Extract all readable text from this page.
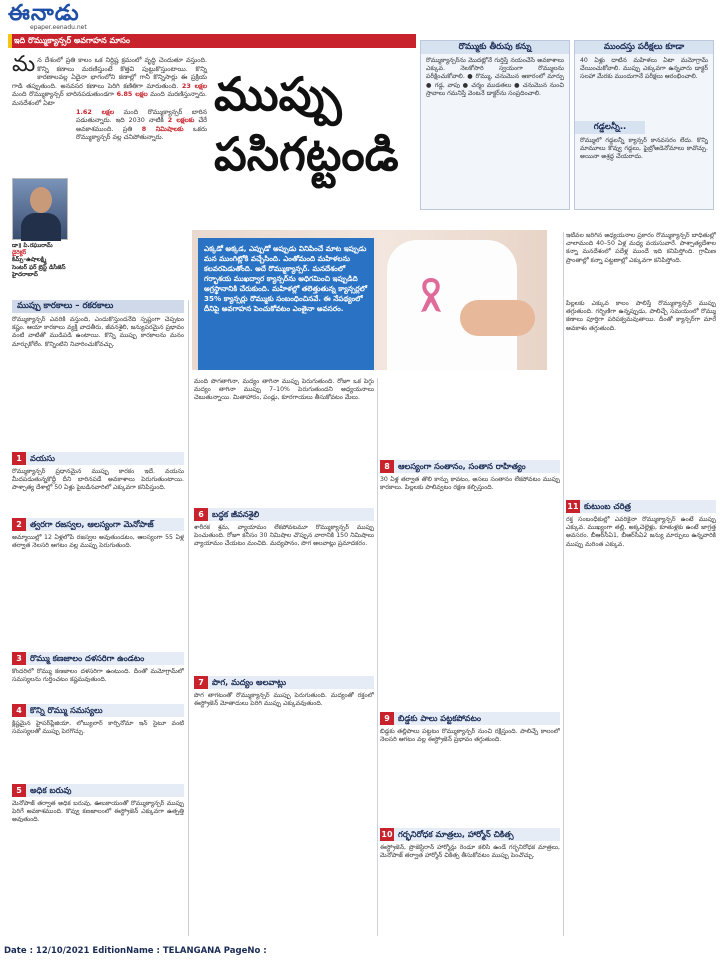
ఈనాడు
epaper.eenadu.net
ఇది రొమ్ముక్యాన్సర్‌ అవగాహన మాసం
మ న దేశంలో ప్రతి కాలం ఒక నిర్దిష్ట క్రమంలో వృద్ధి చెందుతూ వస్తుంది. కొన్ని కణాలు మరణిస్తుంటే కొత్తవి పుట్టుకొస్తుంటాయి. కొన్ని కారణాలవల్ల ఏదైనా భాగంలోని కణాల్లో గానీ కొన్నిసార్లు ఈ ప్రక్రియ గాడి తప్పుతుంది. అనవసర కణాలు పెరిగి కణితిగా మారుతుంది. 23 లక్షల మంది రొమ్ముక్యాన్సర్‌ బారినపడుతుండగా 6.85 లక్షల మంది మరణిస్తున్నారు. మనదేశంలో ఏటా
1.62 లక్షల మంది రొమ్ముక్యాన్సర్‌ బారిన పడుతున్నారు. ఇది 2030 నాటికి 2 లక్షలకు చేరే అవకాశముంది. ప్రతి 8 నిమిషాలకు ఒకరు రొమ్ముక్యాన్సర్‌ వల్ల చనిపోతున్నారు.
డా॥ పి.రఘురామ్‌
డైరెక్టర్‌
కిమ్స్‌–ఉషాలక్ష్మి
సెంటర్‌ ఫర్‌ బ్రెస్ట్‌ డిసీజెస్‌
హైదరాబాద్‌
ముప్పు పసిగట్టండి
రొమ్ముకు తీరుపు కన్ను
రొమ్ముక్యాన్సర్‌ను మొదట్లోనే గుర్తిస్తే నయంచేసే అవకాశాలు ఎక్కువ. నెలకోసారి స్వయంగా రొమ్ములను పరీక్షించుకోవాలి. ● రొమ్ము, చనుమొన ఆకారంలో మార్పు ● గడ్డ, వాపు ● చర్మం ముడతలు ● చనుమొన నుంచి స్రావాలు గమనిస్తే వెంటనే డాక్టర్‌ను సంప్రదించాలి.
ముందస్తు పరీక్షలు కూడా
40 ఏళ్లు దాటిన మహిళలు ఏటా మమోగ్రామ్‌ చేయించుకోవాలి. ముప్పు ఎక్కువగా ఉన్నవారు డాక్టర్‌ సలహా మేరకు ముందుగానే పరీక్షలు ఆరంభించాలి.
గడ్డలన్నీ..
రొమ్ములో గడ్డలన్నీ క్యాన్సర్‌ కానవసరం లేదు. కొన్ని మామూలు కొవ్వు గడ్డలు, ఫైబ్రోఅడెనోమాలు కావొచ్చు. అయినా అశ్రద్ధ చేయరాదు.
ఎక్కడో అక్కడ, ఎప్పుడో అప్పుడు వినిపించే మాట ఇప్పుడు మన ముంగిట్లోకి వచ్చేసింది. ఎంతోమంది మహిళలను కలవరపెడుతోంది. అదే రొమ్ముక్యాన్సర్‌. మనదేశంలో గర్భాశయ ముఖద్వార క్యాన్సర్‌ను అధిగమించి ఇప్పుడిది అగ్రస్థానానికి చేరుకుంది. మహిళల్లో తలెత్తుతున్న క్యాన్సర్లలో 35% క్యాన్సర్లు రొమ్ముకు సంబంధించినవే. ఈ నేపథ్యంలో దీనిపై అవగాహన పెంచుకోవటం ఎంతైనా అవసరం.
ముప్పు కారకాలు – రకరకాలు
రొమ్ముక్యాన్సర్‌ ఎవరికి వస్తుంది, ఎందుకొస్తుందనేది స్పష్టంగా చెప్పటం కష్టం. ఆయా కారకాలు వ్యక్తి వాదతీరు, జీవనశైలి, జన్యుపరమైన ప్రభావం వంటి వాటితో ముడిపడి ఉంటాయి. కొన్ని ముప్పు కారకాలను మనం మార్చుకోలేం. కొన్నింటిని నివారించుకోవచ్చు.
1	వయసు
రొమ్ముక్యాన్సర్‌ ప్రధానమైన ముప్పు కారకం ఇదే. వయసు మీదపడుతున్నకొద్దీ దీని బారినపడే అవకాశాలు పెరుగుతుంటాయి. పాశ్చాత్య దేశాల్లో 50 ఏళ్లు పైబడినవారిలో ఎక్కువగా కనిపిస్తుంది.
2	త్వరగా రజస్వల, ఆలస్యంగా మెనోపాజ్‌
అమ్మాయిల్లో 12 ఏళ్లలోపే రజస్వల అవుతుండటం, ఆలస్యంగా 55 ఏళ్ల తర్వాత నెలసరి ఆగటం వల్ల ముప్పు పెరుగుతుంది.
3	రొమ్ము కణజాలం దళసరిగా ఉండటం
కొందరిలో రొమ్ము కణజాలం దళసరిగా ఉంటుంది. దీంతో మమోగ్రామ్‌లో సమస్యలను గుర్తించటం కష్టమవుతుంది.
4	కొన్ని రొమ్ము సమస్యలు
క్లిష్టమైన హైపర్‌ప్లేజియా, లోబ్యులార్‌ కార్సినోమా ఇన్‌ సైటూ వంటి సమస్యలతో ముప్పు పెరగొచ్చు.
5	అధిక బరువు
మెనోపాజ్‌ తర్వాత అధిక బరువు, ఊబకాయంతో రొమ్ముక్యాన్సర్‌ ముప్పు పెరిగే అవకాశముంది. కొవ్వు కణజాలంలో ఈస్ట్రోజెన్‌ ఎక్కువగా ఉత్పత్తి అవుతుంది.
మంది పొగతాగినా, మద్యం తాగినా ముప్పు పెరుగుతుంది. రోజూ ఒక పెగ్గు మద్యం తాగినా ముప్పు 7–10% పెరుగుతుందని అధ్యయనాలు చెబుతున్నాయి. మితాహారం, పండ్లు, కూరగాయలు తీసుకోవటం మేలు.
6	బద్ధక జీవనశైలి
శారీరక శ్రమ, వ్యాయామం లేకపోవటమూ రొమ్ముక్యాన్సర్‌ ముప్పు పెంచుతుంది. రోజూ కనీసం 30 నిమిషాల చొప్పున వారానికి 150 నిమిషాలు వ్యాయామం చేయటం మంచిది. మద్యపానం, పొగ అలవాట్లు ప్రమాదకరం.
7	పొగ, మద్యం అలవాట్లు
పొగ తాగటంతో రొమ్ముక్యాన్సర్‌ ముప్పు పెరుగుతుంది. మద్యంతో రక్తంలో ఈస్ట్రోజెన్‌ మోతాదులు పెరిగి ముప్పు ఎక్కువవుతుంది.
8	ఆలస్యంగా సంతానం, సంతాన రాహిత్యం
30 ఏళ్ల తర్వాత తొలి కాన్పు కావటం, అసలు సంతానం లేకపోవటం ముప్పు కారకాలు. పిల్లలకు పాలివ్వటం రక్షణ కల్పిస్తుంది.
9	బిడ్డకు పాలు పట్టకపోవటం
బిడ్డకు తల్లిపాలు పట్టటం రొమ్ముక్యాన్సర్‌ నుంచి రక్షిస్తుంది. పాలిచ్చే కాలంలో నెలసరి ఆగటం వల్ల ఈస్ట్రోజెన్‌ ప్రభావం తగ్గుతుంది.
10 గర్భనిరోధక మాత్రలు, హార్మోన్‌ చికిత్స
ఈస్ట్రోజెన్‌, ప్రొజెస్టిరాన్‌ హార్మోన్లు రెండూ కలిసి ఉండే గర్భనిరోధక మాత్రలు, మెనోపాజ్‌ తర్వాత హార్మోన్‌ చికిత్స తీసుకోవటం ముప్పు పెంచొచ్చు.
ఇటీవల జరిగిన అధ్యయనాల ప్రకారం రొమ్ముక్యాన్సర్‌ బాధితుల్లో చాలామంది 40–50 ఏళ్ల మధ్య వయసువారే. పాశ్చాత్యదేశాల కన్నా మనదేశంలో పదేళ్ల ముందే ఇది కనిపిస్తోంది. గ్రామీణ ప్రాంతాల్లో కన్నా పట్టణాల్లో ఎక్కువగా కనిపిస్తోంది.
పిల్లలకు ఎక్కువ కాలం పాలిస్తే రొమ్ముక్యాన్సర్‌ ముప్పు తగ్గుతుంది. గర్భిణిగా ఉన్నప్పుడు, పాలిచ్చే సమయంలో రొమ్ము కణాలు పూర్తిగా పరిపక్వమవుతాయి. దీంతో క్యాన్సర్‌గా మారే అవకాశం తగ్గుతుంది.
11 కుటుంబ చరిత్ర
రక్త సంబంధీకుల్లో ఎవరికైనా రొమ్ముక్యాన్సర్‌ ఉంటే ముప్పు ఎక్కువ. ముఖ్యంగా తల్లి, అక్కచెల్లెళ్లు, కూతుళ్లకు ఉంటే జాగ్రత్త అవసరం. బీఆర్‌సీఏ1, బీఆర్‌సీఏ2 జన్యు మార్పులు ఉన్నవారికి ముప్పు మరింత ఎక్కువ.
Date : 12/10/2021 EditionName : TELANGANA PageNo :
